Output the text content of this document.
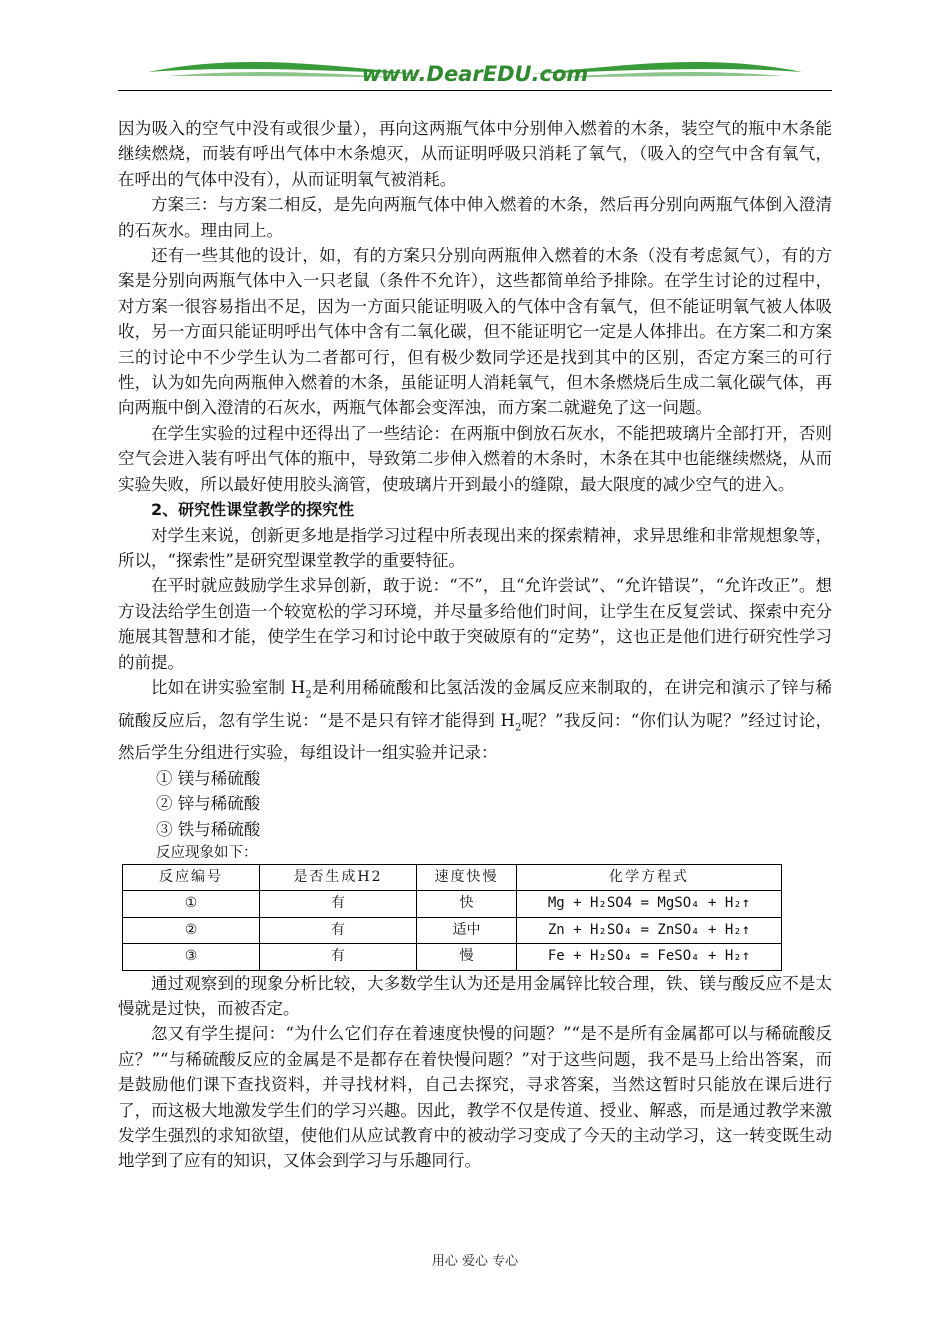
www.DearEDU.com

因为吸入的空气中没有或很少量），再向这两瓶气体中分别伸入燃着的木条，装空气的瓶中木条能继续燃烧，而装有呼出气体中木条熄灭，从而证明呼吸只消耗了氧气，（吸入的空气中含有氧气，在呼出的气体中没有），从而证明氧气被消耗。

方案三：与方案二相反，是先向两瓶气体中伸入燃着的木条，然后再分别向两瓶气体倒入澄清的石灰水。理由同上。

还有一些其他的设计，如，有的方案只分别向两瓶伸入燃着的木条（没有考虑氮气），有的方案是分别向两瓶气体中入一只老鼠（条件不允许），这些都简单给予排除。在学生讨论的过程中，对方案一很容易指出不足，因为一方面只能证明吸入的气体中含有氧气，但不能证明氧气被人体吸收，另一方面只能证明呼出气体中含有二氧化碳，但不能证明它一定是人体排出。在方案二和方案三的讨论中不少学生认为二者都可行，但有极少数同学还是找到其中的区别，否定方案三的可行性，认为如先向两瓶伸入燃着的木条，虽能证明人消耗氧气，但木条燃烧后生成二氧化碳气体，再向两瓶中倒入澄清的石灰水，两瓶气体都会变浑浊，而方案二就避免了这一问题。

在学生实验的过程中还得出了一些结论：在两瓶中倒放石灰水，不能把玻璃片全部打开，否则空气会进入装有呼出气体的瓶中，导致第二步伸入燃着的木条时，木条在其中也能继续燃烧，从而实验失败，所以最好使用胶头滴管，使玻璃片开到最小的缝隙，最大限度的减少空气的进入。

2、研究性课堂教学的探究性

对学生来说，创新更多地是指学习过程中所表现出来的探索精神，求异思维和非常规想象等，所以，“探索性”是研究型课堂教学的重要特征。

在平时就应鼓励学生求异创新，敢于说：“不”，且“允许尝试”、“允许错误”，“允许改正”。想方设法给学生创造一个较宽松的学习环境，并尽量多给他们时间，让学生在反复尝试、探索中充分施展其智慧和才能，使学生在学习和讨论中敢于突破原有的“定势”，这也正是他们进行研究性学习的前提。

比如在讲实验室制 $H_2$是利用稀硫酸和比氢活泼的金属反应来制取的，在讲完和演示了锌与稀硫酸反应后，忽有学生说：“是不是只有锌才能得到 $H_2$呢？”我反问：“你们认为呢？”经过讨论，然后学生分组进行实验，每组设计一组实验并记录：

① 镁与稀硫酸

② 锌与稀硫酸

③ 铁与稀硫酸

反应现象如下：

反应编号	是否生成H2	速度快慢	化学方程式
①	有	快	Mg + H₂SO4 = MgSO₄ + H₂↑
②	有	适中	Zn + H₂SO₄ = ZnSO₄ + H₂↑
③	有	慢	Fe + H₂SO₄ = FeSO₄ + H₂↑

通过观察到的现象分析比较，大多数学生认为还是用金属锌比较合理，铁、镁与酸反应不是太慢就是过快，而被否定。

忽又有学生提问：“为什么它们存在着速度快慢的问题？”“是不是所有金属都可以与稀硫酸反应？”“与稀硫酸反应的金属是不是都存在着快慢问题？”对于这些问题，我不是马上给出答案，而是鼓励他们课下查找资料，并寻找材料，自己去探究，寻求答案，当然这暂时只能放在课后进行了，而这极大地激发学生们的学习兴趣。因此，教学不仅是传道、授业、解惑，而是通过教学来激发学生强烈的求知欲望，使他们从应试教育中的被动学习变成了今天的主动学习，这一转变既生动地学到了应有的知识，又体会到学习与乐趣同行。

用心 爱心 专心
